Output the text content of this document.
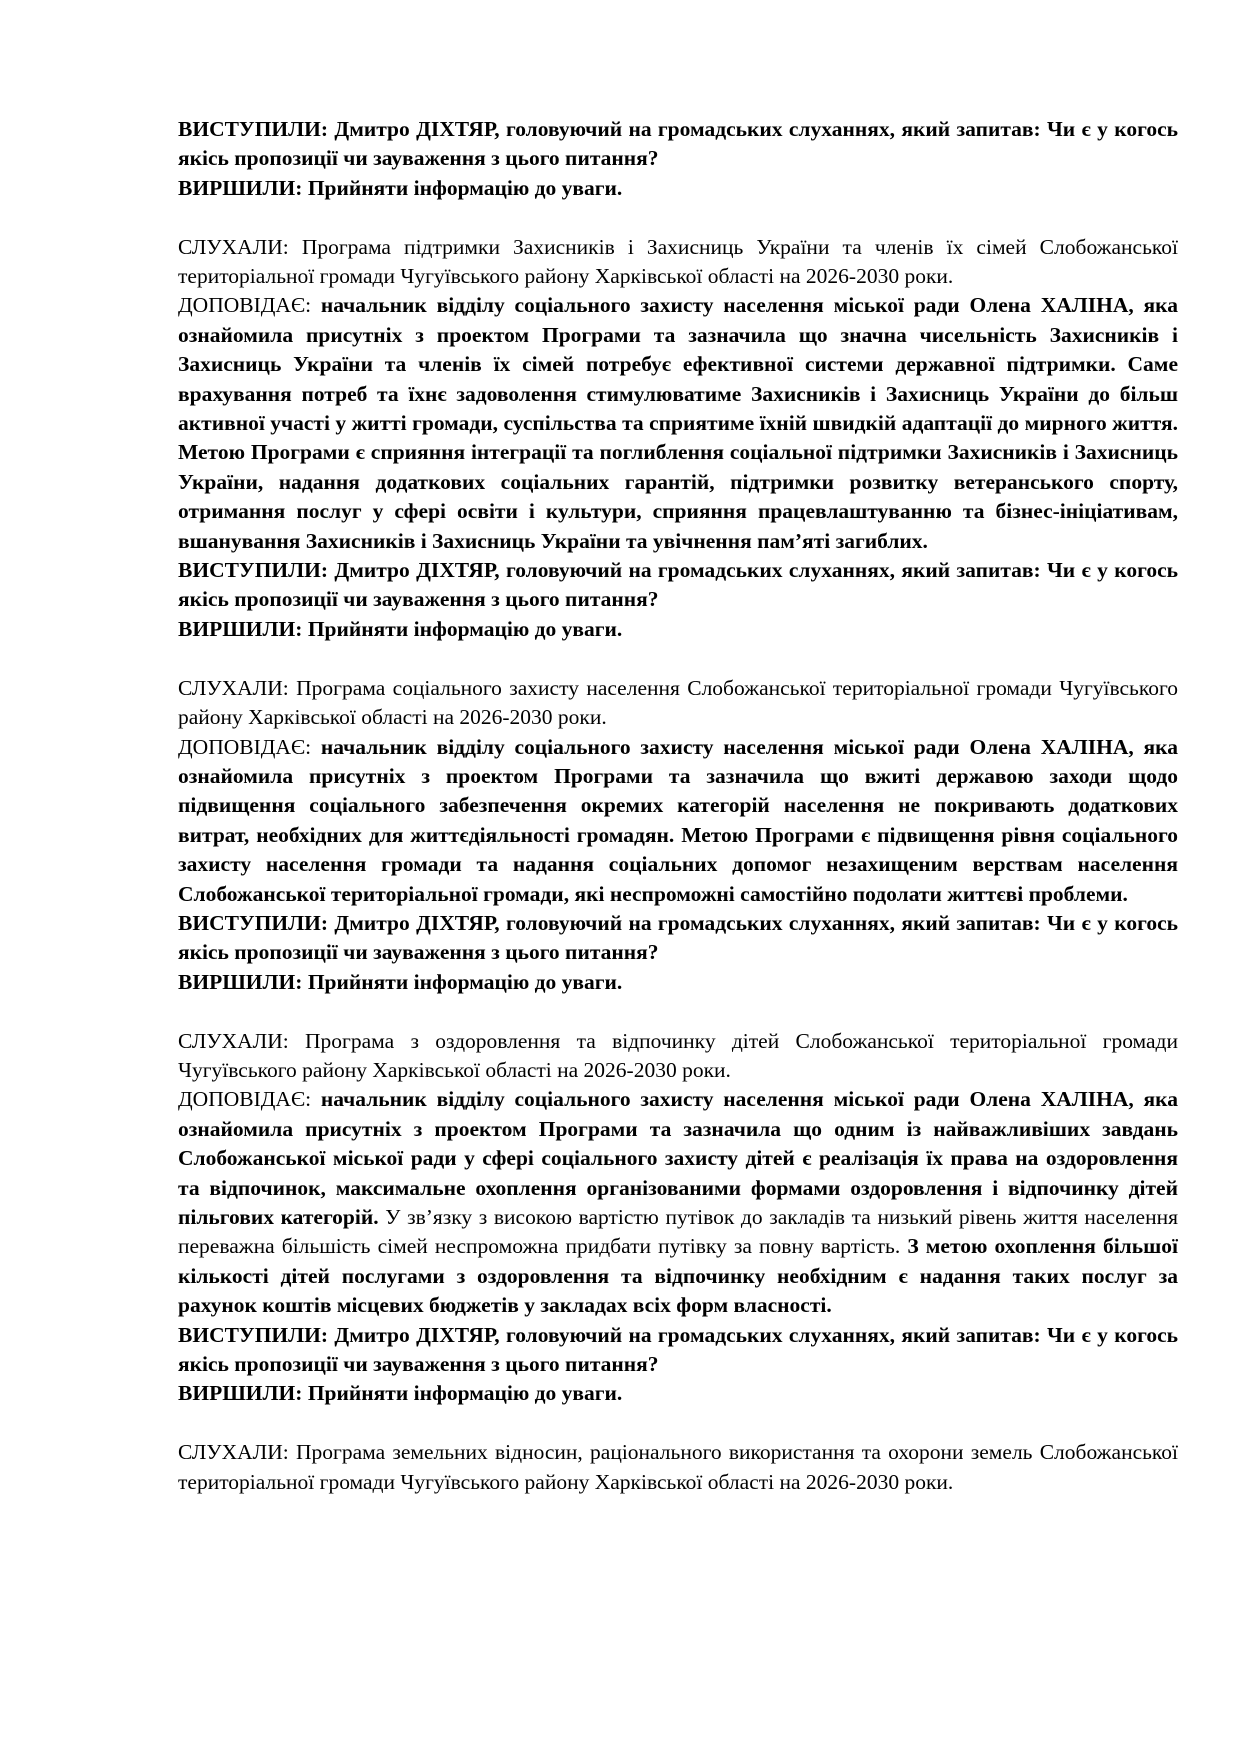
ВИСТУПИЛИ: Дмитро ДІХТЯР, головуючий на громадських слуханнях, який запитав: Чи є у когось якісь пропозиції чи зауваження з цього питання?

ВИРШИЛИ: Прийняти інформацію до уваги.

СЛУХАЛИ: Програма підтримки Захисників і Захисниць України та членів їх сімей Слобожанської територіальної громади Чугуївського району Харківської області на 2026-2030 роки.

ДОПОВІДАЄ: начальник відділу соціального захисту населення міської ради Олена ХАЛІНА, яка ознайомила присутніх з проектом Програми та зазначила що значна чисельність Захисників і Захисниць України та членів їх сімей потребує ефективної системи державної підтримки. Саме врахування потреб та їхнє задоволення стимулюватиме Захисників і Захисниць України до більш активної участі у житті громади, суспільства та сприятиме їхній швидкій адаптації до мирного життя. Метою Програми є сприяння інтеграції та поглиблення соціальної підтримки Захисників і Захисниць України, надання додаткових соціальних гарантій, підтримки розвитку ветеранського спорту, отримання послуг у сфері освіти і культури, сприяння працевлаштуванню та бізнес-ініціативам, вшанування Захисників і Захисниць України та увічнення пам’яті загиблих.

ВИСТУПИЛИ: Дмитро ДІХТЯР, головуючий на громадських слуханнях, який запитав: Чи є у когось якісь пропозиції чи зауваження з цього питання?

ВИРШИЛИ: Прийняти інформацію до уваги.

СЛУХАЛИ: Програма соціального захисту населення Слобожанської територіальної громади Чугуївського району Харківської області на 2026-2030 роки.

ДОПОВІДАЄ: начальник відділу соціального захисту населення міської ради Олена ХАЛІНА, яка ознайомила присутніх з проектом Програми та зазначила що вжиті державою заходи щодо підвищення соціального забезпечення окремих категорій населення не покривають додаткових витрат, необхідних для життєдіяльності громадян. Метою Програми є підвищення рівня соціального захисту населення громади та надання соціальних допомог незахищеним верствам населення Слобожанської територіальної громади, які неспроможні самостійно подолати життєві проблеми.

ВИСТУПИЛИ: Дмитро ДІХТЯР, головуючий на громадських слуханнях, який запитав: Чи є у когось якісь пропозиції чи зауваження з цього питання?

ВИРШИЛИ: Прийняти інформацію до уваги.

СЛУХАЛИ: Програма з оздоровлення та відпочинку дітей Слобожанської територіальної громади Чугуївського району Харківської області на 2026-2030 роки.

ДОПОВІДАЄ: начальник відділу соціального захисту населення міської ради Олена ХАЛІНА, яка ознайомила присутніх з проектом Програми та зазначила що одним із найважливіших завдань Слобожанської міської ради у сфері соціального захисту дітей є реалізація їх права на оздоровлення та відпочинок, максимальне охоплення організованими формами оздоровлення і відпочинку дітей пільгових категорій. У зв’язку з високою вартістю путівок до закладів та низький рівень життя населення переважна більшість сімей неспроможна придбати путівку за повну вартість. З метою охоплення більшої кількості дітей послугами з оздоровлення та відпочинку необхідним є надання таких послуг за рахунок коштів місцевих бюджетів у закладах всіх форм власності.

ВИСТУПИЛИ: Дмитро ДІХТЯР, головуючий на громадських слуханнях, який запитав: Чи є у когось якісь пропозиції чи зауваження з цього питання?

ВИРШИЛИ: Прийняти інформацію до уваги.

СЛУХАЛИ: Програма земельних відносин, раціонального використання та охорони земель Слобожанської територіальної громади Чугуївського району Харківської області на 2026-2030 роки.
